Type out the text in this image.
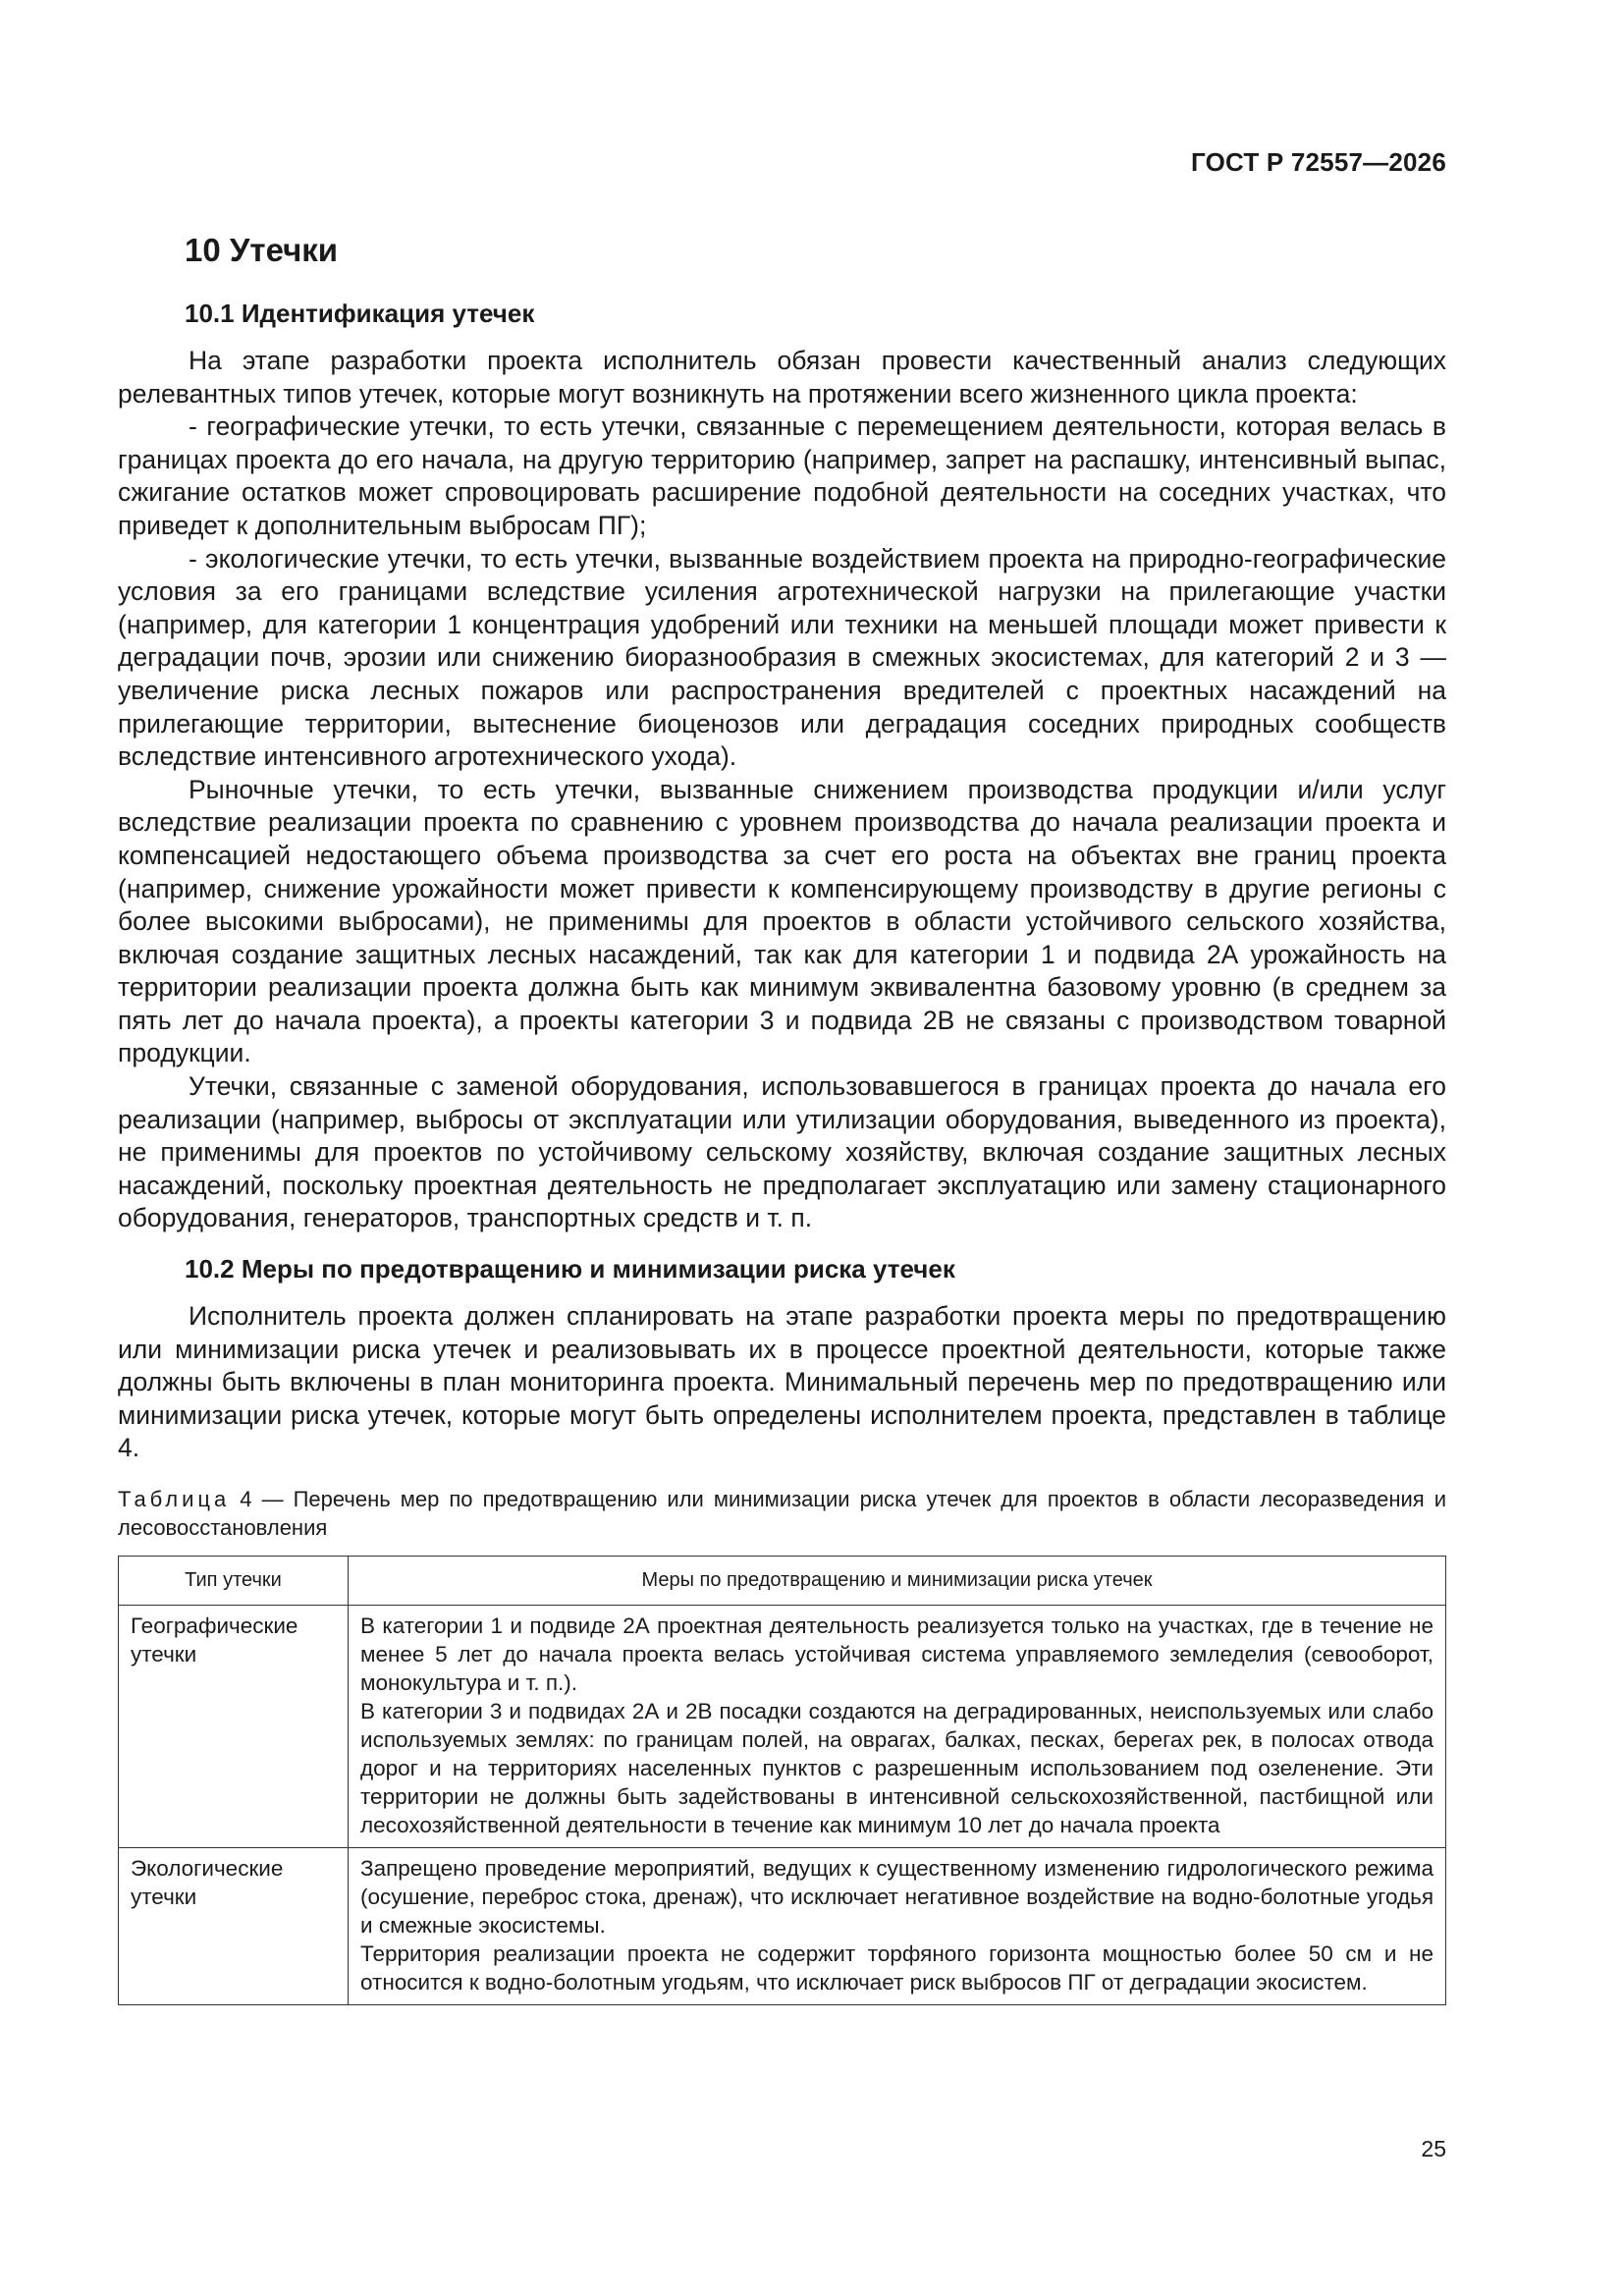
ГОСТ Р 72557—2026
10 Утечки
10.1 Идентификация утечек

На этапе разработки проекта исполнитель обязан провести качественный анализ следующих релевантных типов утечек, которые могут возникнуть на протяжении всего жизненного цикла проекта:

- географические утечки, то есть утечки, связанные с перемещением деятельности, которая велась в границах проекта до его начала, на другую территорию (например, запрет на распашку, интенсивный выпас, сжигание остатков может спровоцировать расширение подобной деятельности на соседних участках, что приведет к дополнительным выбросам ПГ);

- экологические утечки, то есть утечки, вызванные воздействием проекта на природно-географические условия за его границами вследствие усиления агротехнической нагрузки на прилегающие участки (например, для категории 1 концентрация удобрений или техники на меньшей площади может привести к деградации почв, эрозии или снижению биоразнообразия в смежных экосистемах, для категорий 2 и 3 — увеличение риска лесных пожаров или распространения вредителей с проектных насаждений на прилегающие территории, вытеснение биоценозов или деградация соседних природных сообществ вследствие интенсивного агротехнического ухода).

Рыночные утечки, то есть утечки, вызванные снижением производства продукции и/или услуг вследствие реализации проекта по сравнению с уровнем производства до начала реализации проекта и компенсацией недостающего объема производства за счет его роста на объектах вне границ проекта (например, снижение урожайности может привести к компенсирующему производству в другие регионы с более высокими выбросами), не применимы для проектов в области устойчивого сельского хозяйства, включая создание защитных лесных насаждений, так как для категории 1 и подвида 2А урожайность на территории реализации проекта должна быть как минимум эквивалентна базовому уровню (в среднем за пять лет до начала проекта), а проекты категории 3 и подвида 2В не связаны с производством товарной продукции.

Утечки, связанные с заменой оборудования, использовавшегося в границах проекта до начала его реализации (например, выбросы от эксплуатации или утилизации оборудования, выведенного из проекта), не применимы для проектов по устойчивому сельскому хозяйству, включая создание защитных лесных насаждений, поскольку проектная деятельность не предполагает эксплуатацию или замену стационарного оборудования, генераторов, транспортных средств и т. п.

10.2 Меры по предотвращению и минимизации риска утечек

Исполнитель проекта должен спланировать на этапе разработки проекта меры по предотвращению или минимизации риска утечек и реализовывать их в процессе проектной деятельности, которые также должны быть включены в план мониторинга проекта. Минимальный перечень мер по предотвращению или минимизации риска утечек, которые могут быть определены исполнителем проекта, представлен в таблице 4.

Таблица 4 — Перечень мер по предотвращению или минимизации риска утечек для проектов в области лесоразведения и лесовосстановления
Тип утечки	Меры по предотвращению и минимизации риска утечек
Географические утечки	В категории 1 и подвиде 2А проектная деятельность реализуется только на участках, где в течение не менее 5 лет до начала проекта велась устойчивая система управляемого земледелия (севооборот, монокультура и т. п.).
В категории 3 и подвидах 2А и 2В посадки создаются на деградированных, неиспользуемых или слабо используемых землях: по границам полей, на оврагах, балках, песках, берегах рек, в полосах отвода дорог и на территориях населенных пунктов с разрешенным использованием под озеленение. Эти территории не должны быть задействованы в интенсивной сельскохозяйственной, пастбищной или лесохозяйственной деятельности в течение как минимум 10 лет до начала проекта

Экологические утечки	Запрещено проведение мероприятий, ведущих к существенному изменению гидрологического режима (осушение, переброс стока, дренаж), что исключает негативное воздействие на водно-болотные угодья и смежные экосистемы.
Территория реализации проекта не содержит торфяного горизонта мощностью более 50 см и не относится к водно-болотным угодьям, что исключает риск выбросов ПГ от деградации экосистем.
25
